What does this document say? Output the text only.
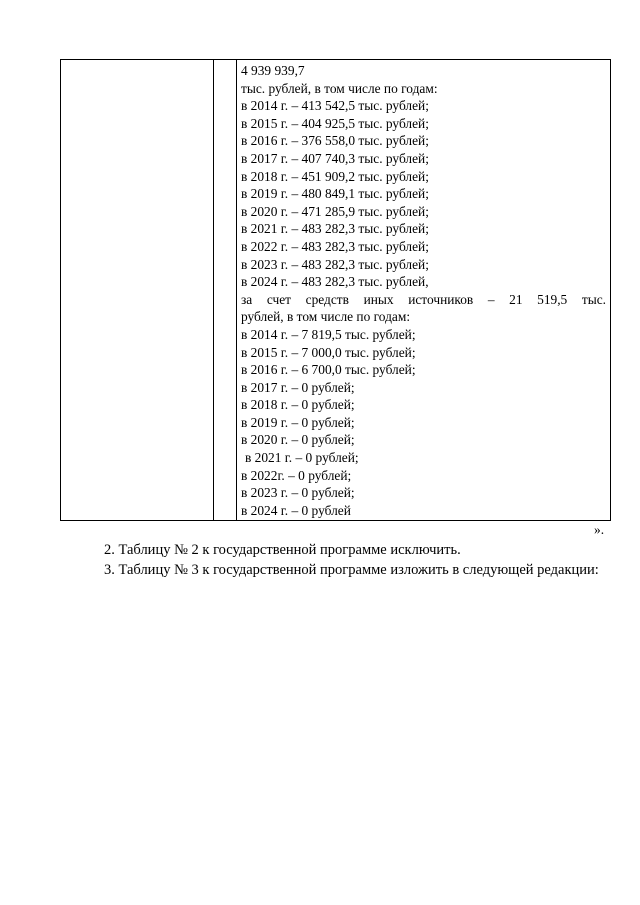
4 939 939,7
тыс. рублей, в том числе по годам:
в 2014 г. – 413 542,5 тыс. рублей;
в 2015 г. – 404 925,5 тыс. рублей;
в 2016 г. – 376 558,0 тыс. рублей;
в 2017 г. – 407 740,3 тыс. рублей;
в 2018 г. – 451 909,2 тыс. рублей;
в 2019 г. – 480 849,1 тыс. рублей;
в 2020 г. – 471 285,9 тыс. рублей;
в 2021 г. – 483 282,3 тыс. рублей;
в 2022 г. – 483 282,3 тыс. рублей;
в 2023 г. – 483 282,3 тыс. рублей;
в 2024 г. – 483 282,3 тыс. рублей,
за счет средств иных источников – 21 519,5 тыс.
рублей, в том числе по годам:
в 2014 г. – 7 819,5 тыс. рублей;
в 2015 г. – 7 000,0 тыс. рублей;
в 2016 г. – 6 700,0 тыс. рублей;
в 2017 г. – 0 рублей;
в 2018 г. – 0 рублей;
в 2019 г. – 0 рублей;
в 2020 г. – 0 рублей;
в 2021 г. – 0 рублей;
в 2022г. – 0 рублей;
в 2023 г. – 0 рублей;
в 2024 г. – 0 рублей
».
2. Таблицу № 2 к государственной программе исключить.
3. Таблицу № 3 к государственной программе изложить в следующей редакции:
